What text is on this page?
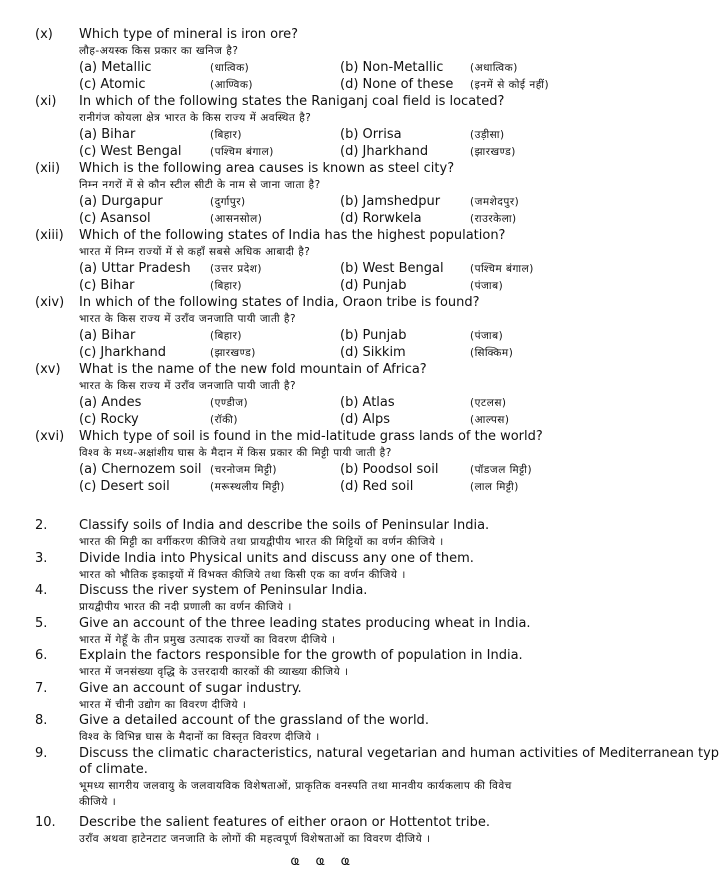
(x) Which type of mineral is iron ore?
लौह-अयस्क किस प्रकार का खनिज है?
(a) Metallic	(धात्विक)	(b) Non-Metallic	(अधात्विक)
(c) Atomic	(आण्विक)	(d) None of these (इनमें से कोई नहीं)
(xi) In which of the following states the Raniganj coal field is located?
रानीगंज कोयला क्षेत्र भारत के किस राज्य में अवस्थित है?
(a) Bihar	(बिहार)	(b) Orrisa	(उड़ीसा)
(c) West Bengal	(पश्चिम बंगाल)	(d) Jharkhand	(झारखण्ड)
(xii) Which is the following area causes is known as steel city?
निम्न नगरों में से कौन स्टील सीटी के नाम से जाना जाता है?
(a) Durgapur	(दुर्गापुर)	(b) Jamshedpur	(जमशेदपुर)
(c) Asansol	(आसनसोल)	(d) Rorwkela	(राउरकेला)
(xiii) Which of the following states of India has the highest population?
भारत में निम्न राज्यों में से कहाँ सबसे अधिक आबादी है?
(a) Uttar Pradesh (उत्तर प्रदेश)	(b) West Bengal	(पश्चिम बंगाल)
(c) Bihar	(बिहार)	(d) Punjab	(पंजाब)
(xiv) In which of the following states of India, Oraon tribe is found?
भारत के किस राज्य में उराँव जनजाति पायी जाती है?
(a) Bihar	(बिहार)	(b) Punjab	(पंजाब)
(c) Jharkhand	(झारखण्ड)	(d) Sikkim	(सिक्किम)
(xv) What is the name of the new fold mountain of Africa?
भारत के किस राज्य में उराँव जनजाति पायी जाती है?
(a) Andes	(एण्डीज)	(b) Atlas	(एटलस)
(c) Rocky	(रॉकी)	(d) Alps	(आल्पस)
(xvi) Which type of soil is found in the mid-latitude grass lands of the world?
विश्व के मध्य-अक्षांशीय घास के मैदान में किस प्रकार की मिट्टी पायी जाती है?
(a) Chernozem soil (चरनोजम मिट्टी)	(b) Poodsol soil	(पॉडजल मिट्टी)
(c) Desert soil	(मरूस्थलीय मिट्टी)	(d) Red soil	(लाल मिट्टी)
2. Classify soils of India and describe the soils of Peninsular India.
भारत की मिट्टी का वर्गीकरण कीजिये तथा प्रायद्वीपीय भारत की मिट्टियों का वर्णन कीजिये ।
3. Divide India into Physical units and discuss any one of them.
भारत को भौतिक इकाइयों में विभक्त कीजिये तथा किसी एक का वर्णन कीजिये ।
4. Discuss the river system of Peninsular India.
प्रायद्वीपीय भारत की नदी प्रणाली का वर्णन कीजिये ।
5. Give an account of the three leading states producing wheat in India.
भारत में गेहूँ के तीन प्रमुख उत्पादक राज्यों का विवरण दीजिये ।
6. Explain the factors responsible for the growth of population in India.
भारत में जनसंख्या वृद्धि के उत्तरदायी कारकों की व्याख्या कीजिये ।
7. Give an account of sugar industry.
भारत में चीनी उद्योग का विवरण दीजिये ।
8. Give a detailed account of the grassland of the world.
विश्व के विभिन्न घास के मैदानों का विस्तृत विवरण दीजिये ।
9. Discuss the climatic characteristics, natural vegetarian and human activities of Mediterranean typ
of climate.
भूमध्य सागरीय जलवायु के जलवायविक विशेषताओं, प्राकृतिक वनस्पति तथा मानवीय कार्यकलाप की विवेच
कीजिये ।
10. Describe the salient features of either oraon or Hottentot tribe.
उराँव अथवा हाटेनटाट जनजाति के लोगों की महत्वपूर्ण विशेषताओं का विवरण दीजिये ।
ҩ ҩ ҩ
